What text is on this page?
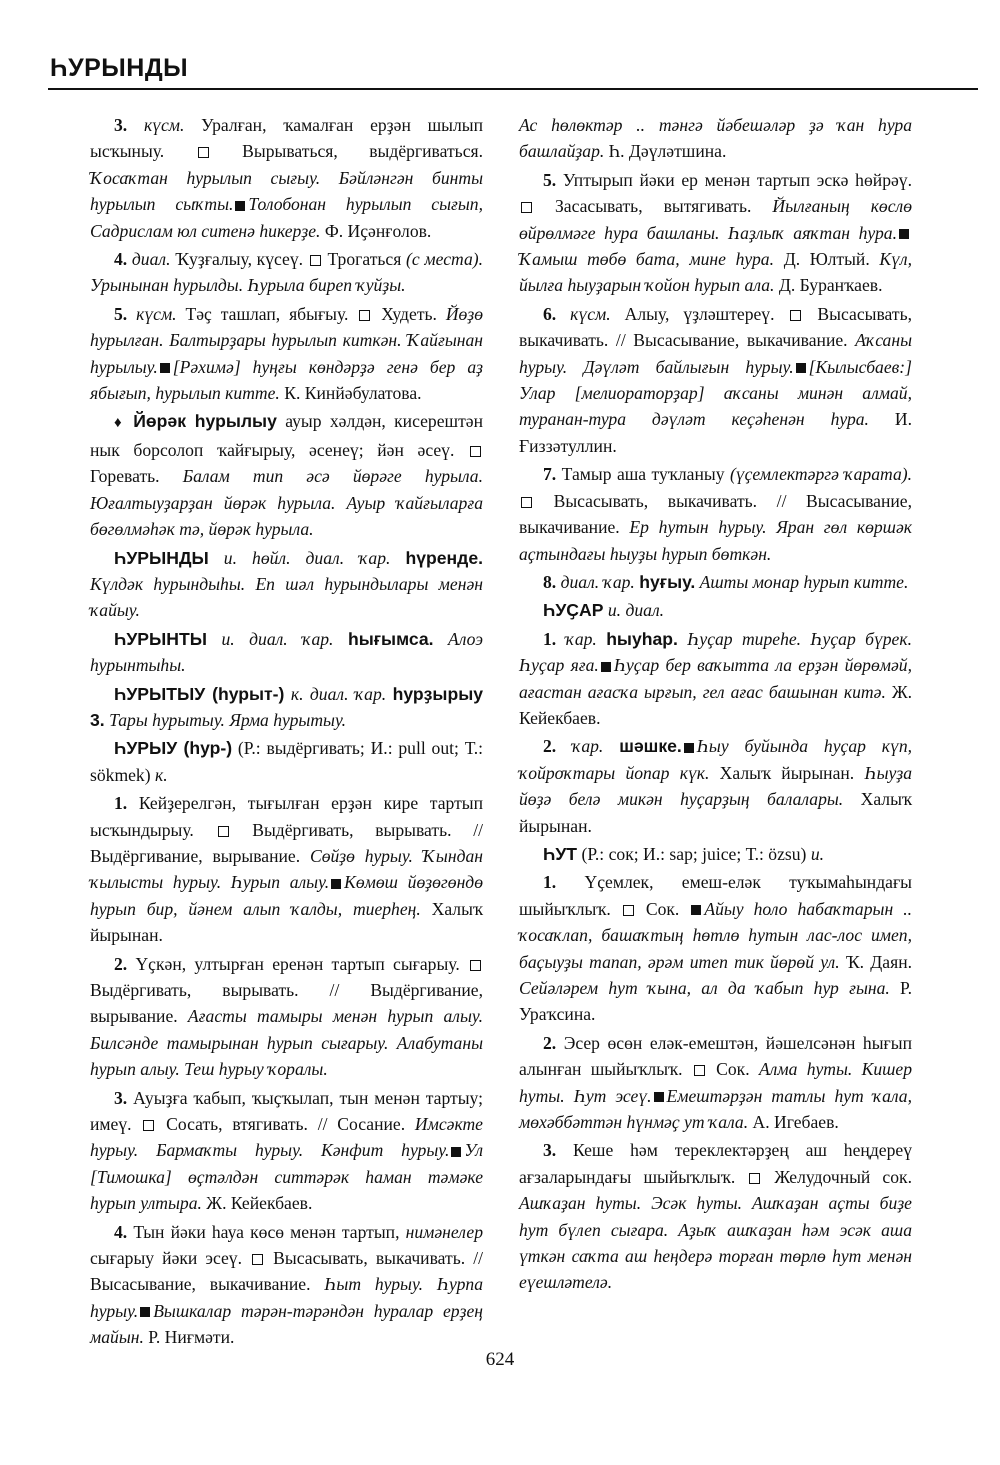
ҺУРЫНДЫ

3. күсм. Уралған, ҡамалған ерҙән шылып ысҡыныу.  Вырываться, выдёргиваться. Ҡосаҡтан һурылып сығыу. Бәйләнгән бинты һурылып сыҡты. Толобонан һурылып сығып, Садрислам юл ситенә һикерҙе. Ф. Иҫәнғолов.

4. диал. Ҡуҙғалыу, күсеү.  Трогаться (с места). Урынынан һурылды. Һурыла биреп ҡуйҙы.

5. күсм. Тәҫ ташлап, ябығыу.  Худеть. Йөҙө һурылған. Балтырҙары һурылып киткән. Ҡайғынан һурылыу. [Рәхимә] һуңғы көндәрҙә генә бер аҙ ябығып, һурылып китте. К. Кинйәбулатова.

♦ Йөрәк һурылыу ауыр хәлдән, кисерештән нык борсолоп ҡайғырыу, әсенеү; йән әсеү.  Горевать. Балам тип әсә йөрәге һурыла. Юғалтыуҙарҙан йөрәк һурыла. Ауыр ҡайғыларға бөгөлмәһәк тә, йөрәк һурыла.

ҺУРЫНДЫ и. һөйл. диал. ҡар. һүренде. Күлдәк һурындыһы. Еп шәл һурындылары менән ҡайыу.

ҺУРЫНТЫ и. диал. ҡар. һығымса. Алоэ һурынтыһы.

ҺУРЫТЫУ (һурыт-) к. диал. ҡар. һурҙырыу 3. Тары һурытыу. Ярма һурытыу.

ҺУРЫУ (һур-) (Р.: выдёргивать; И.: pull out; Т.: sökmek) к.

1. Кейҙерелгән, тығылған ерҙән кире тартып ысҡындырыу.  Выдёргивать, вырывать. // Выдёргивание, вырывание. Сөйҙө һурыу. Ҡындан ҡылысты һурыу. Һурып алыу. Көмөш йөҙөгөндө һурып бир, йәнем алып ҡалды, тиерһең. Халыҡ йырынан.

2. Үҫкән, ултырған еренән тартып сығарыу.  Выдёргивать, вырывать. // Выдёргивание, вырывание. Ағасты тамыры менән һурып алыу. Билсәнде тамырынан һурып сығарыу. Алабутаны һурып алыу. Теш һурыу ҡоралы.

3. Ауыҙға ҡабып, ҡыҫҡылап, тын менән тартыу; имеү.  Сосать, втягивать. // Сосание. Имсәкте һурыу. Бармаҡты һурыу. Кәнфит һурыу. Ул [Тимошка] өҫтәлдән ситтәрәк һаман тәмәке һурып ултыра. Ж. Кейекбаев.

4. Тын йәки һауа көсө менән тартып, нимәнелер сығарыу йәки эсеү.  Высасывать, выкачивать. // Высасывание, выкачивание. Һыт һурыу. Һурпа һурыу. Вышкалар тәрән-тәрәндән һуралар ерҙең майын. Р. Ниғмәти.

Ас һөлөктәр .. тәнгә йәбешәләр ҙә ҡан һура башлайҙар. Һ. Дәүләтшина.

5. Уптырып йәки ер менән тартып эскә һөйрәү.  Засасывать, вытягивать. Йылғаның көслө өйрөлмәге һура башланы. Һаҙлыҡ аяҡтан һура.Ҡамыш төбө бата, мине һура. Д. Юлтый. Күл, йылға һыуҙарын ҡойон һурып ала. Д. Буранҡаев.

6. күсм. Алыу, үҙләштереү.  Высасывать, выкачивать. // Высасывание, выкачивание. Аҡсаны һурыу. Дәүләт байлығын һурыу. [Кылысбаев:] Улар [мелиораторҙар] аҡсаны минән алмай, туранан-тура дәүләт кеҫәһенән һура. И. Ғиззәтуллин.

7. Тамыр аша туҡланыу (үҫемлектәргә ҡарата).  Высасывать, выкачивать. // Высасывание, выкачивание. Ер һутын һурыу. Яран гөл көршәк аҫтындағы һыуҙы һурып бөткән.

8. диал. ҡар. һуғыу. Ашты монар һурып китте.

ҺУҪАР и. диал.

1. ҡар. һыуһар. Һуҫар тиреһе. Һуҫар бүрек. Һуҫар яға. Һуҫар бер ваҡытта ла ерҙән йөрөмәй, ағастан ағасҡа ырғып, гел ағас башынан китә. Ж. Кейекбаев.

2. ҡар. шәшке. Һыу буйында һуҫар күп, ҡойроҡтары йопар күк. Халыҡ йырынан. Һыуҙа йөҙә белә микән һуҫарҙың балалары. Халыҡ йырынан.

ҺУТ (Р.: сок; И.: sap; juice; Т.: özsu) и.

1. Үҫемлек, емеш-еләк туҡымаһындағы шыйыҡлыҡ.  Сок. Айыу һоло һабаҡтарын .. ҡосаҡлап, башаҡтың һөтлө һутын лас-лос имеп, баҫыуҙы тапап, әрәм итеп тик йөрөй ул. Ҡ. Даян. Сейәләрем һут ҡына, ал да ҡабып һур ғына. Р. Ураҡсина.

2. Эсер өсөн еләк-емештән, йәшелсәнән һығып алынған шыйыҡлыҡ.  Сок. Алма һуты. Кишер һуты. Һут эсеү. Емештәрҙән татлы һут ҡала, мөхәббәттән һүнмәҫ ут ҡала. А. Игебаев.

3. Кеше һәм тереклектәрҙең аш һеңдереү ағзаларындағы шыйыҡлыҡ.  Желудочный сок. Ашҡаҙан һуты. Эсәк һуты. Ашҡаҙан аҫты биҙе һут бүлеп сығара. Аҙыҡ ашҡаҙан һәм эсәк аша үткән саҡта аш һеңдерә торған төрлө һут менән еүешләтелә.

624
